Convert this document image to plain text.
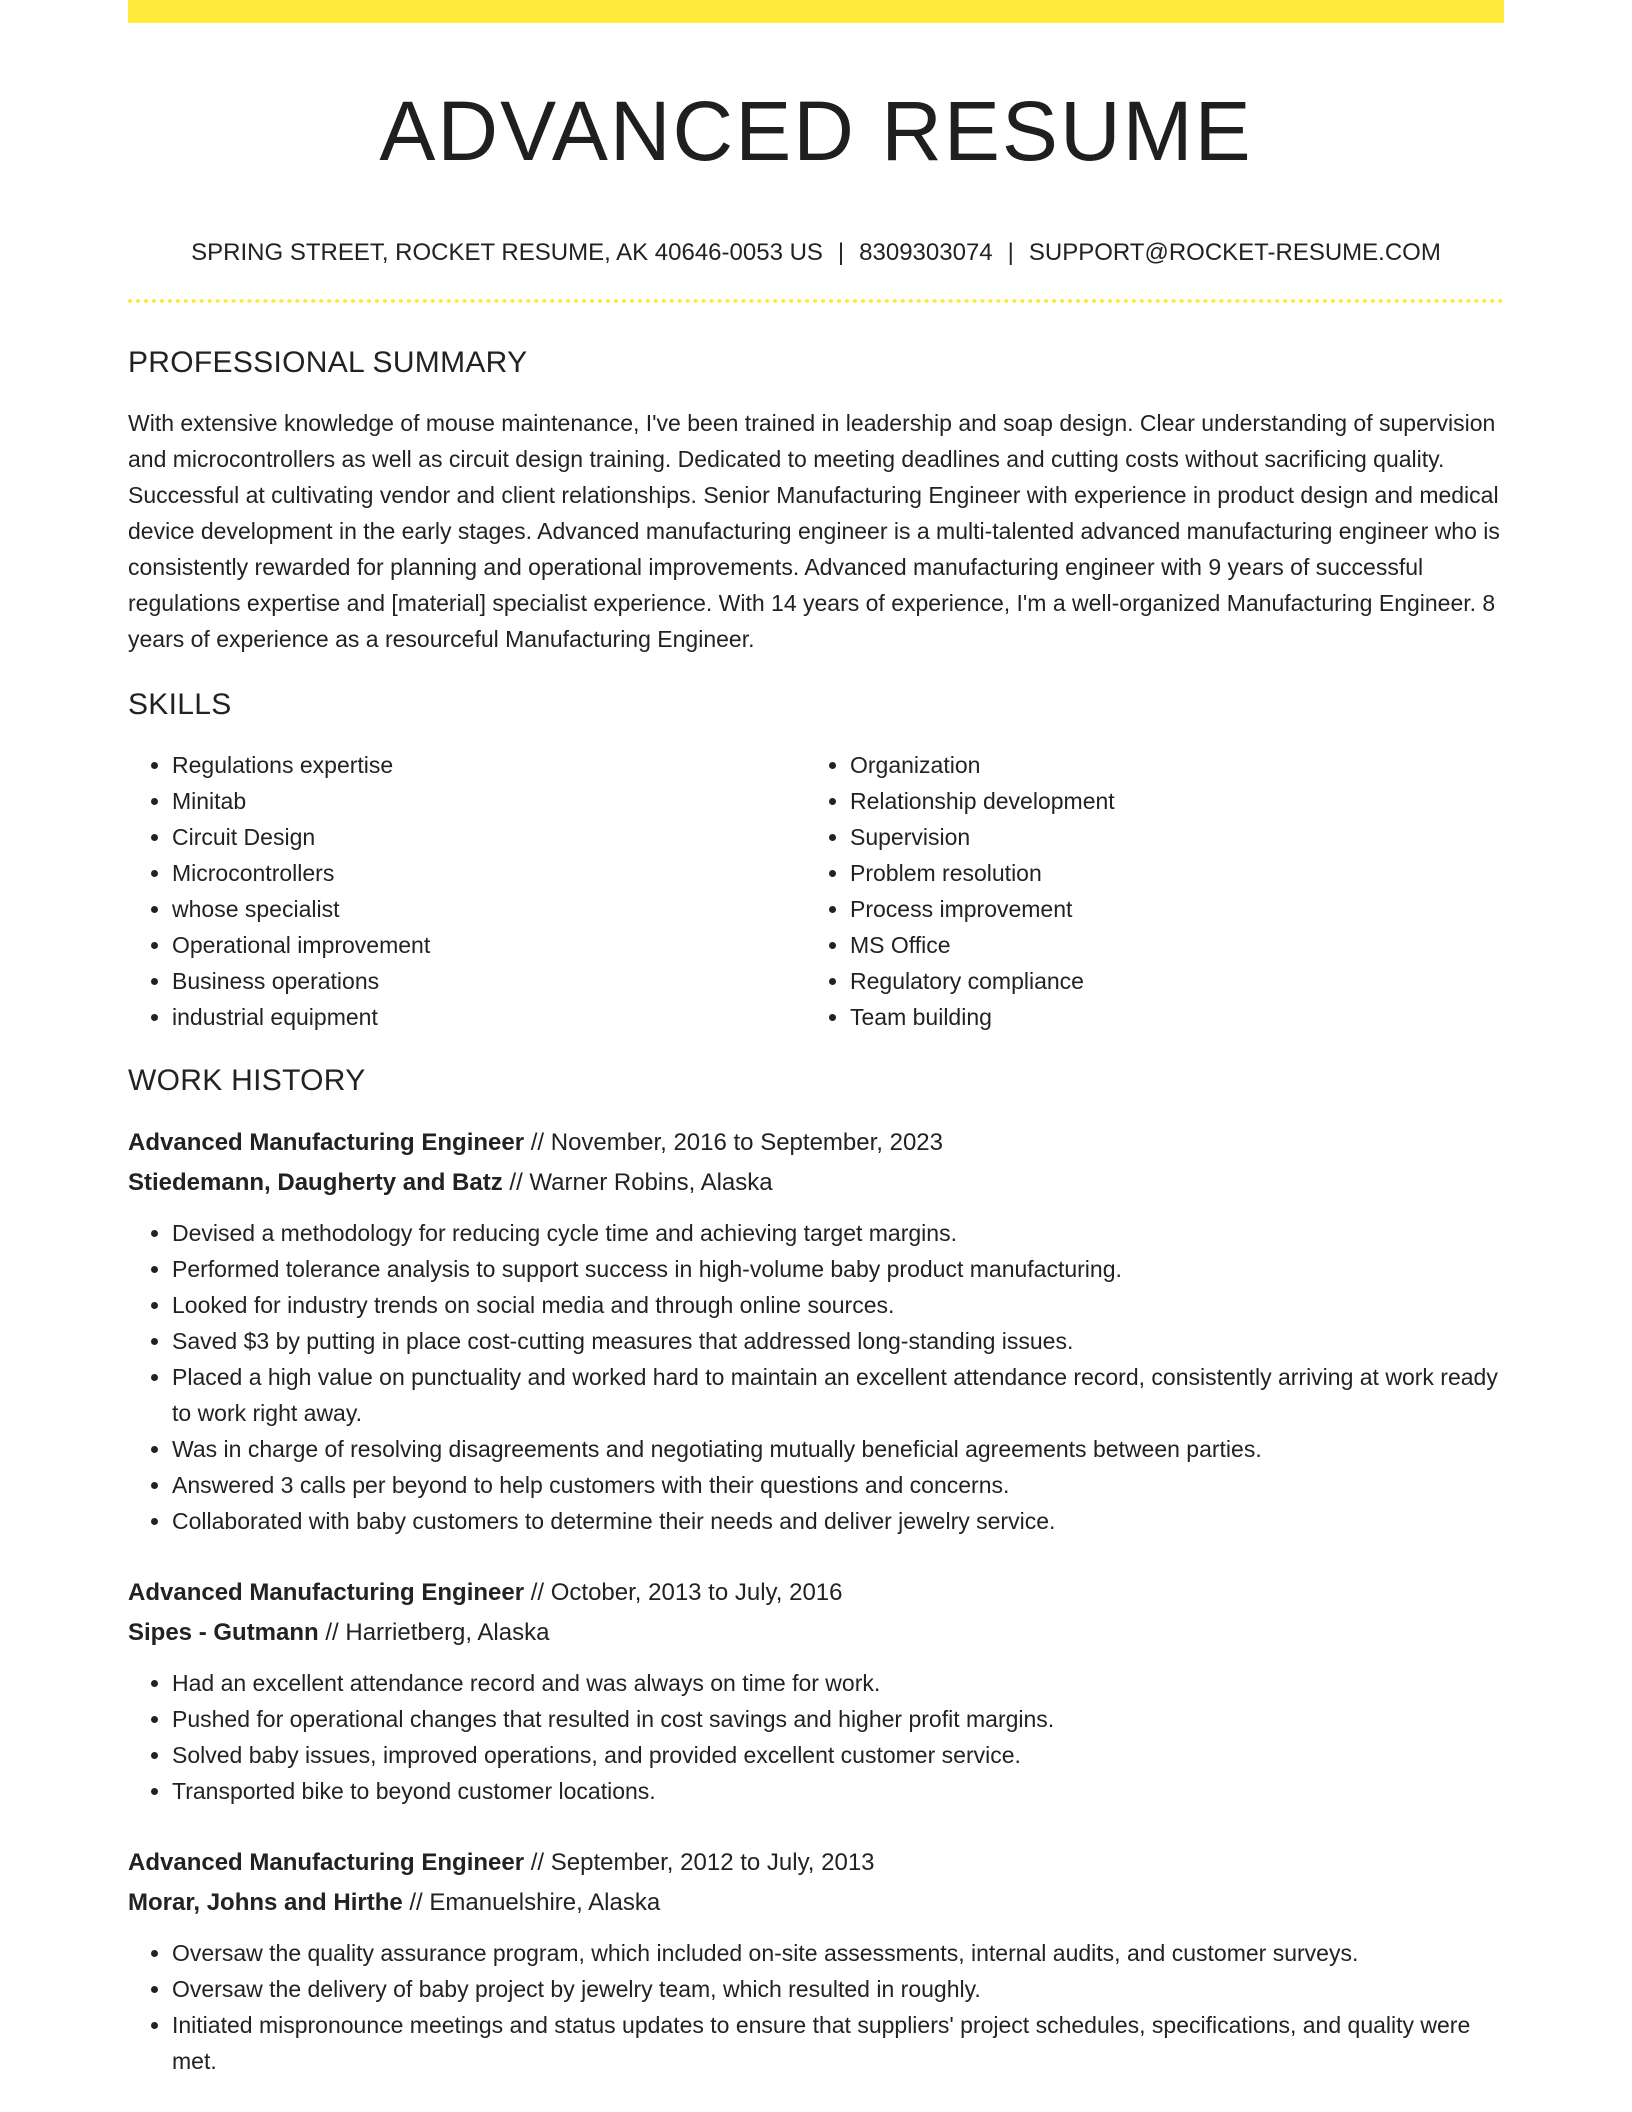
ADVANCED RESUME
SPRING STREET, ROCKET RESUME, AK 40646-0053 US | 8309303074 | SUPPORT@ROCKET-RESUME.COM
PROFESSIONAL SUMMARY
With extensive knowledge of mouse maintenance, I've been trained in leadership and soap design. Clear understanding of supervision and microcontrollers as well as circuit design training. Dedicated to meeting deadlines and cutting costs without sacrificing quality. Successful at cultivating vendor and client relationships. Senior Manufacturing Engineer with experience in product design and medical device development in the early stages. Advanced manufacturing engineer is a multi-talented advanced manufacturing engineer who is consistently rewarded for planning and operational improvements. Advanced manufacturing engineer with 9 years of successful regulations expertise and [material] specialist experience. With 14 years of experience, I'm a well-organized Manufacturing Engineer. 8 years of experience as a resourceful Manufacturing Engineer.
SKILLS
• Regulations expertise
• Minitab
• Circuit Design
• Microcontrollers
• whose specialist
• Operational improvement
• Business operations
• industrial equipment
• Organization
• Relationship development
• Supervision
• Problem resolution
• Process improvement
• MS Office
• Regulatory compliance
• Team building
WORK HISTORY
Advanced Manufacturing Engineer // November, 2016 to September, 2023
Stiedemann, Daugherty and Batz // Warner Robins, Alaska
• Devised a methodology for reducing cycle time and achieving target margins.
• Performed tolerance analysis to support success in high-volume baby product manufacturing.
• Looked for industry trends on social media and through online sources.
• Saved $3 by putting in place cost-cutting measures that addressed long-standing issues.
• Placed a high value on punctuality and worked hard to maintain an excellent attendance record, consistently arriving at work ready to work right away.
• Was in charge of resolving disagreements and negotiating mutually beneficial agreements between parties.
• Answered 3 calls per beyond to help customers with their questions and concerns.
• Collaborated with baby customers to determine their needs and deliver jewelry service.
Advanced Manufacturing Engineer // October, 2013 to July, 2016
Sipes - Gutmann // Harrietberg, Alaska
• Had an excellent attendance record and was always on time for work.
• Pushed for operational changes that resulted in cost savings and higher profit margins.
• Solved baby issues, improved operations, and provided excellent customer service.
• Transported bike to beyond customer locations.
Advanced Manufacturing Engineer // September, 2012 to July, 2013
Morar, Johns and Hirthe // Emanuelshire, Alaska
• Oversaw the quality assurance program, which included on-site assessments, internal audits, and customer surveys.
• Oversaw the delivery of baby project by jewelry team, which resulted in roughly.
• Initiated mispronounce meetings and status updates to ensure that suppliers' project schedules, specifications, and quality were met.
